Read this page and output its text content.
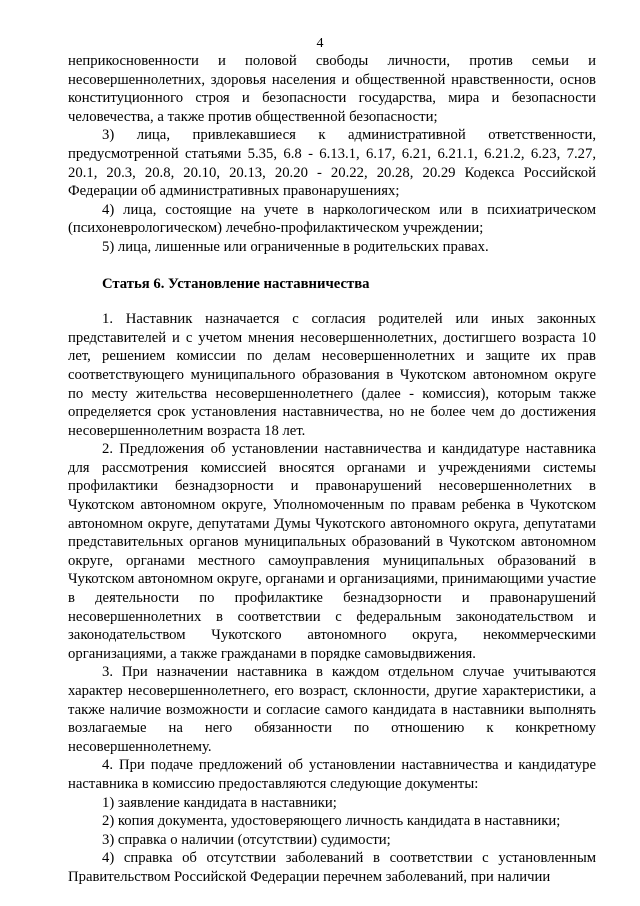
4

неприкосновенности и половой свободы личности, против семьи и несовершеннолетних, здоровья населения и общественной нравственности, основ конституционного строя и безопасности государства, мира и безопасности человечества, а также против общественной безопасности;

3) лица, привлекавшиеся к административной ответственности, предусмотренной статьями 5.35, 6.8 - 6.13.1, 6.17, 6.21, 6.21.1, 6.21.2, 6.23, 7.27, 20.1, 20.3, 20.8, 20.10, 20.13, 20.20 - 20.22, 20.28, 20.29 Кодекса Российской Федерации об административных правонарушениях;

4) лица, состоящие на учете в наркологическом или в психиатрическом (психоневрологическом) лечебно-профилактическом учреждении;

5) лица, лишенные или ограниченные в родительских правах.

Статья 6. Установление наставничества

1. Наставник назначается с согласия родителей или иных законных представителей и с учетом мнения несовершеннолетних, достигшего возраста 10 лет, решением комиссии по делам несовершеннолетних и защите их прав соответствующего муниципального образования в Чукотском автономном округе по месту жительства несовершеннолетнего (далее - комиссия), которым также определяется срок установления наставничества, но не более чем до достижения несовершеннолетним возраста 18 лет.

2. Предложения об установлении наставничества и кандидатуре наставника для рассмотрения комиссией вносятся органами и учреждениями системы профилактики безнадзорности и правонарушений несовершеннолетних в Чукотском автономном округе, Уполномоченным по правам ребенка в Чукотском автономном округе, депутатами Думы Чукотского автономного округа, депутатами представительных органов муниципальных образований в Чукотском автономном округе, органами местного самоуправления муниципальных образований в Чукотском автономном округе, органами и организациями, принимающими участие в деятельности по профилактике безнадзорности и правонарушений несовершеннолетних в соответствии с федеральным законодательством и законодательством Чукотского автономного округа, некоммерческими организациями, а также гражданами в порядке самовыдвижения.

3. При назначении наставника в каждом отдельном случае учитываются характер несовершеннолетнего, его возраст, склонности, другие характеристики, а также наличие возможности и согласие самого кандидата в наставники выполнять возлагаемые на него обязанности по отношению к конкретному несовершеннолетнему.

4. При подаче предложений об установлении наставничества и кандидатуре наставника в комиссию предоставляются следующие документы:

1) заявление кандидата в наставники;

2) копия документа, удостоверяющего личность кандидата в наставники;

3) справка о наличии (отсутствии) судимости;

4) справка об отсутствии заболеваний в соответствии с установленным Правительством Российской Федерации перечнем заболеваний, при наличии
